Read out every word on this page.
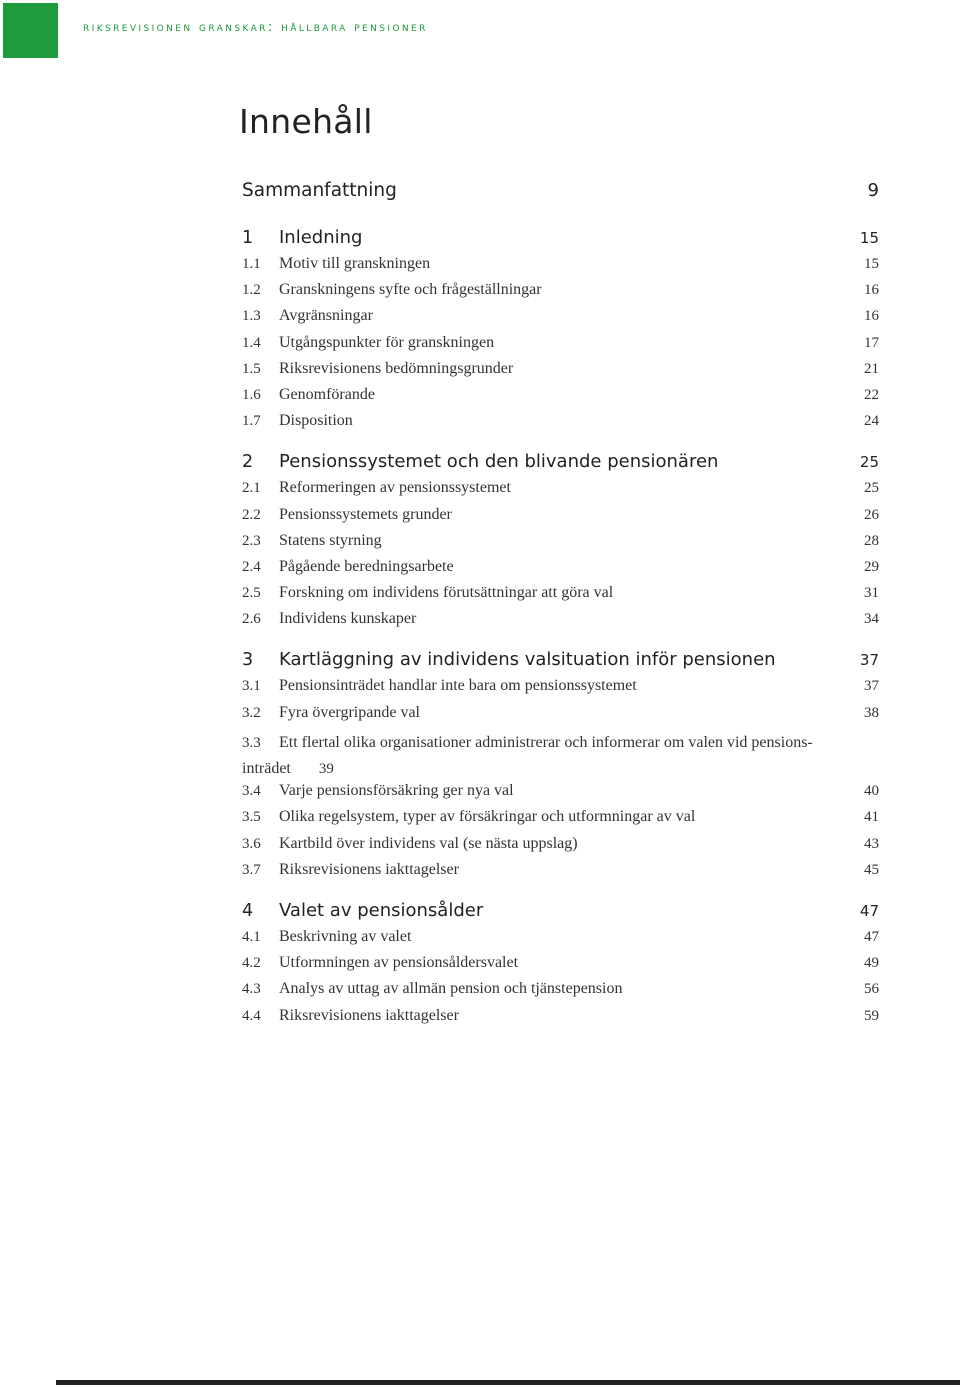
riksrevisionen granskar: hållbara pensioner
Innehåll
Sammanfattning	9
1	Inledning	15
1.1	Motiv till granskningen	15
1.2	Granskningens syfte och frågeställningar	16
1.3	Avgränsningar	16
1.4	Utgångspunkter för granskningen	17
1.5	Riksrevisionens bedömningsgrunder	21
1.6	Genomförande	22
1.7	Disposition	24
2	Pensionssystemet och den blivande pensionären	25
2.1	Reformeringen av pensionssystemet	25
2.2	Pensionssystemets grunder	26
2.3	Statens styrning	28
2.4	Pågående beredningsarbete	29
2.5	Forskning om individens förutsättningar att göra val	31
2.6	Individens kunskaper	34
3	Kartläggning av individens valsituation inför pensionen	37
3.1	Pensionsinträdet handlar inte bara om pensionssystemet	37
3.2	Fyra övergripande val	38
3.3 Ett flertal olika organisationer administrerar och informerar om valen vid pensions-
inträdet 39
3.4	Varje pensionsförsäkring ger nya val	40
3.5	Olika regelsystem, typer av försäkringar och utformningar av val	41
3.6	Kartbild över individens val (se nästa uppslag)	43
3.7	Riksrevisionens iakttagelser	45
4	Valet av pensionsålder	47
4.1	Beskrivning av valet	47
4.2	Utformningen av pensionsåldersvalet	49
4.3	Analys av uttag av allmän pension och tjänstepension	56
4.4	Riksrevisionens iakttagelser	59
